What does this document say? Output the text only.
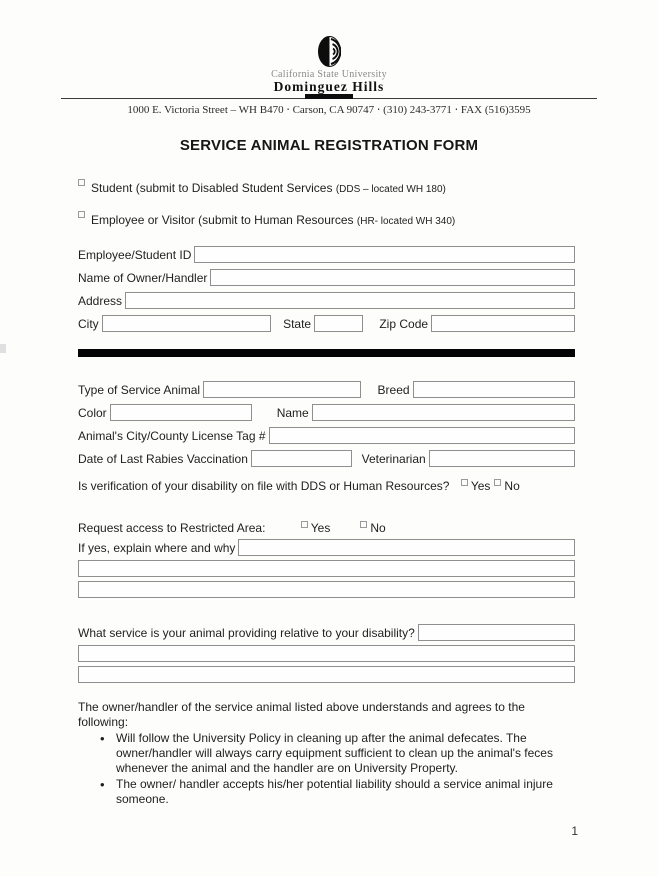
California State University
Dominguez Hills
1000 E. Victoria Street – WH B470 ⋅ Carson, CA 90747 ⋅ (310) 243-3771 ⋅ FAX (516)3595
SERVICE ANIMAL REGISTRATION FORM
Student (submit to Disabled Student Services (DDS – located WH 180)
Employee or Visitor (submit to Human Resources (HR- located WH 340)
Employee/Student ID
Name of Owner/Handler
Address
City	State	Zip Code
Type of Service Animal	Breed
Color	Name
Animal's City/County License Tag #
Date of Last Rabies Vaccination	Veterinarian
Is verification of your disability on file with DDS or Human Resources? Yes No
Request access to Restricted Area:	Yes	No
If yes, explain where and why
What service is your animal providing relative to your disability?
The owner/handler of the service animal listed above understands and agrees to the following:
• Will follow the University Policy in cleaning up after the animal defecates. The owner/handler will always carry equipment sufficient to clean up the animal's feces whenever the animal and the handler are on University Property.
• The owner/ handler accepts his/her potential liability should a service animal injure someone.
1
